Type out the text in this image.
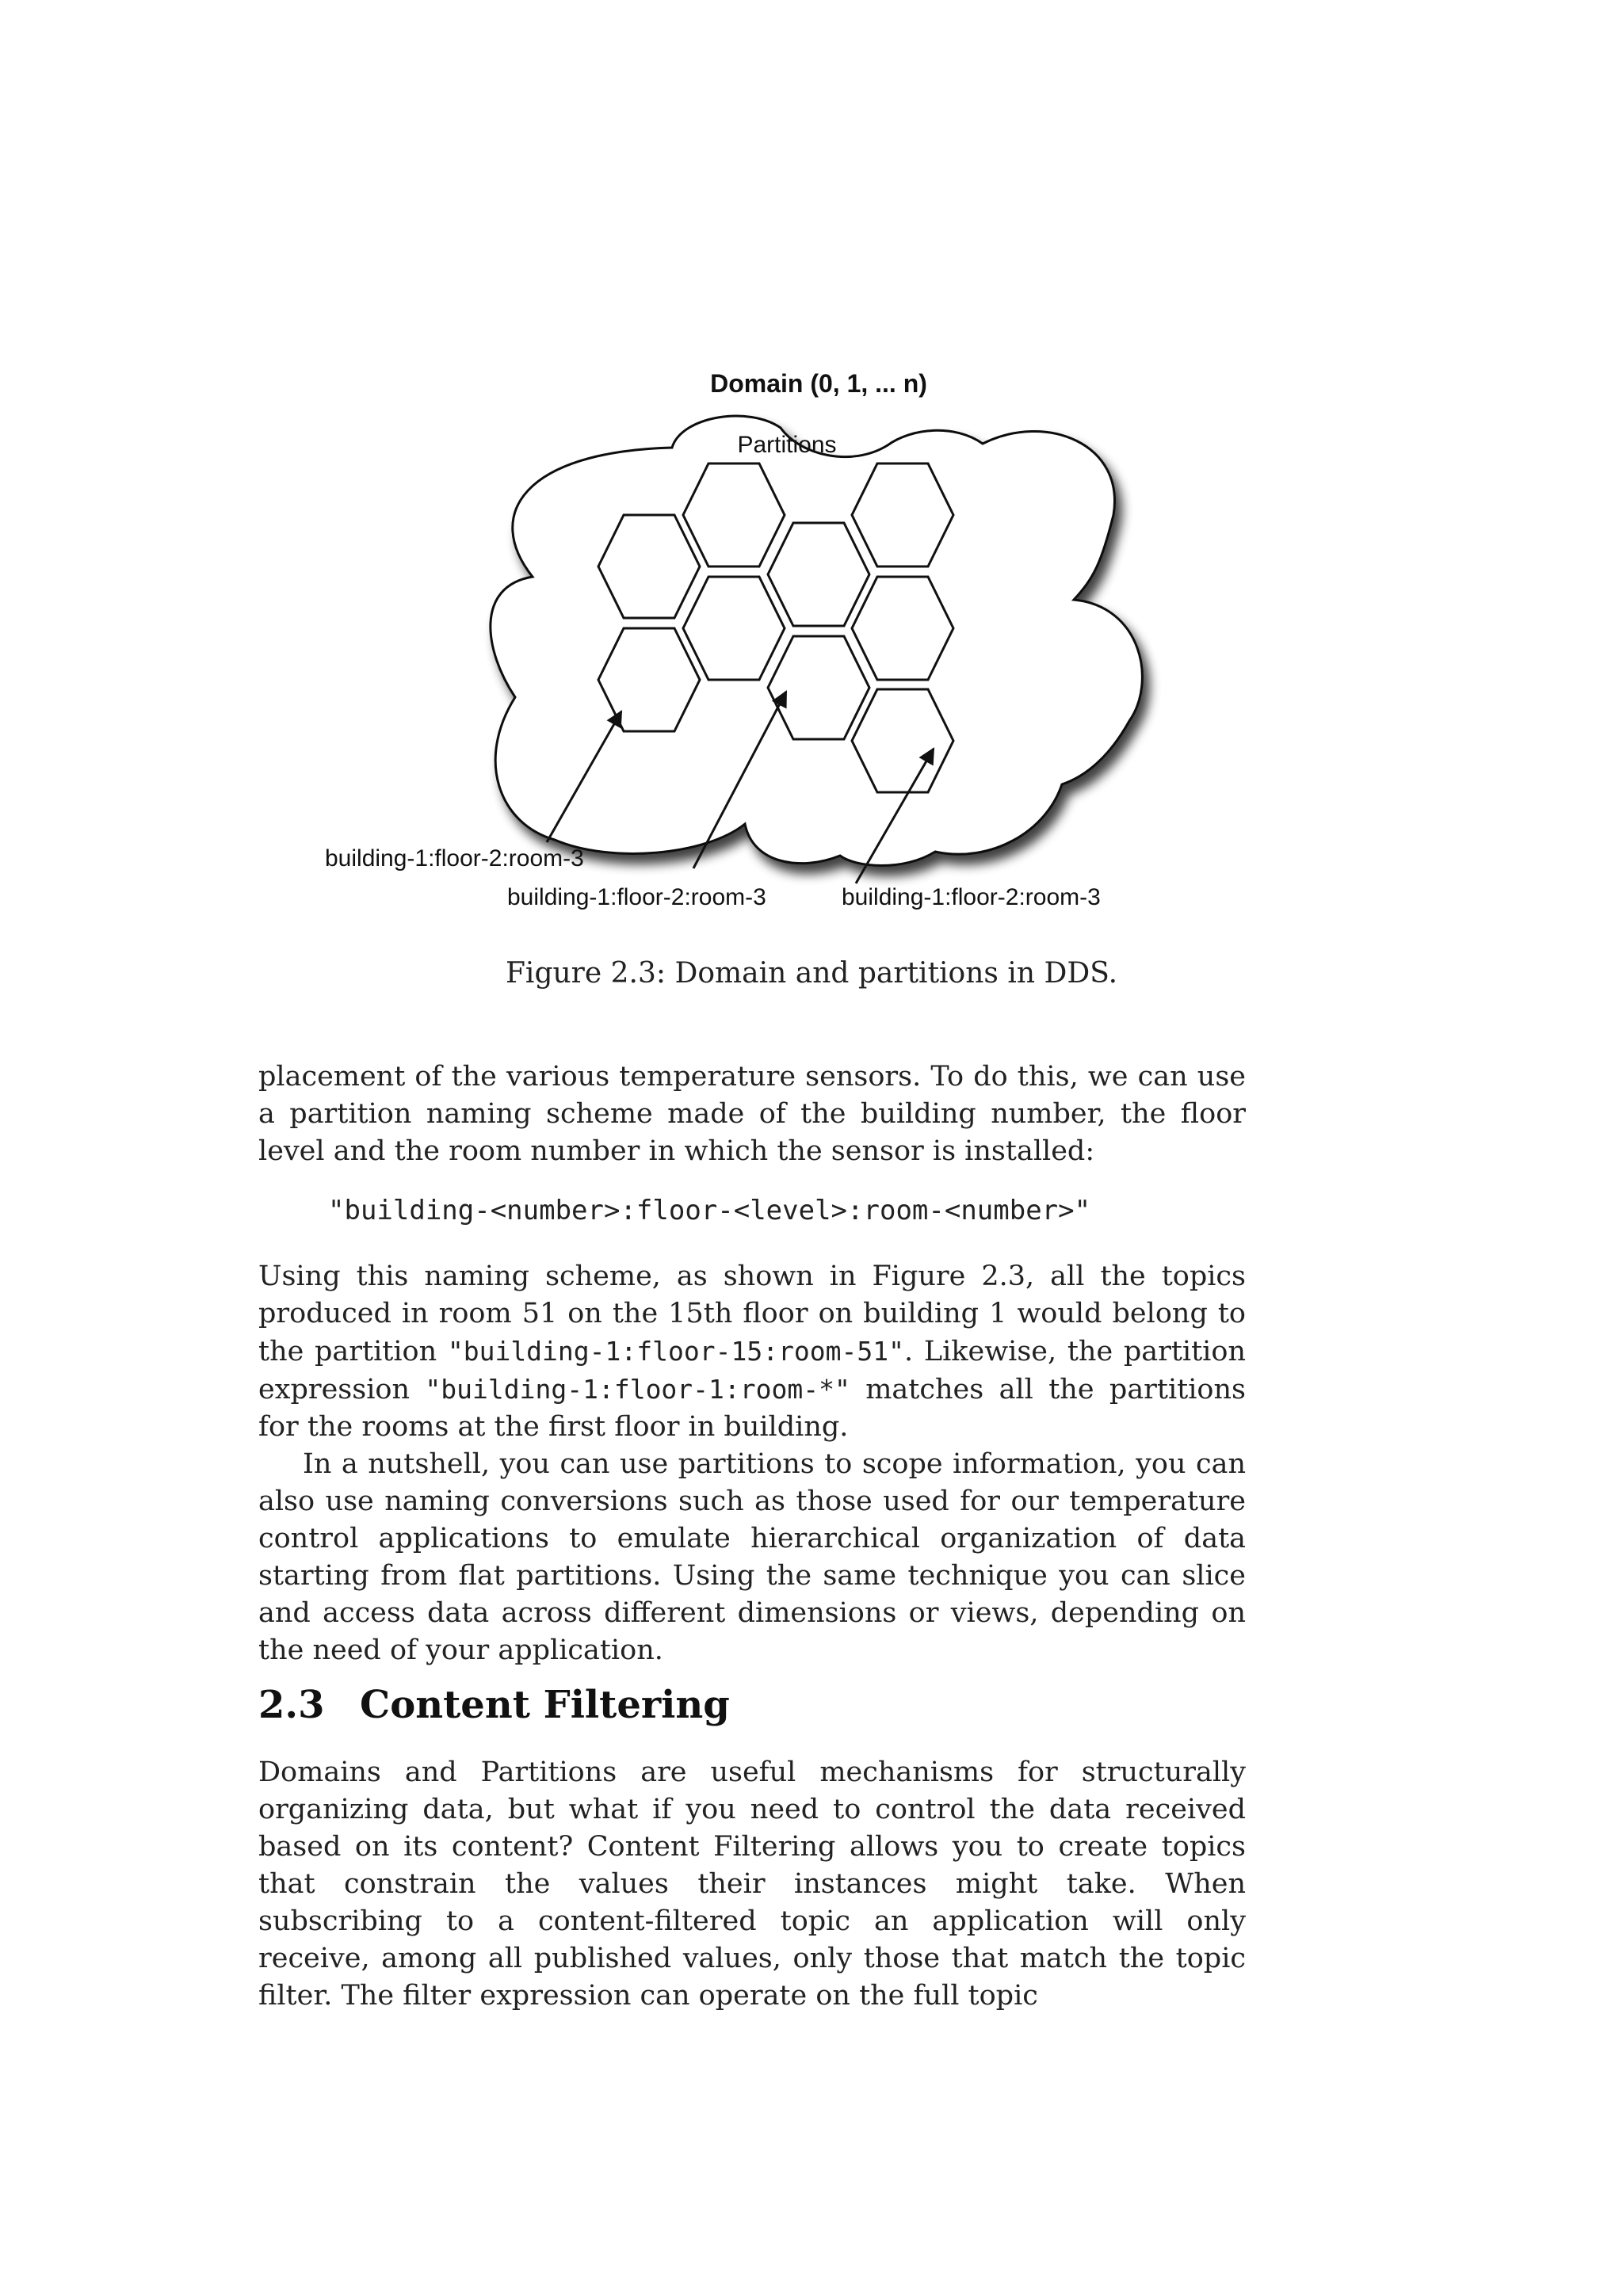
Domain (0, 1, ... n)
Partitions
building-1:floor-2:room-3
building-1:floor-2:room-3	building-1:floor-2:room-3
Figure 2.3: Domain and partitions in DDS.

placement of the various temperature sensors. To do this, we can use a partition naming scheme made of the building number, the floor level and the room number in which the sensor is installed:

"building-<number>:floor-<level>:room-<number>"

Using this naming scheme, as shown in Figure 2.3, all the topics produced in room 51 on the 15th floor on building 1 would belong to the partition "building-1:floor-15:room-51". Likewise, the partition expression "building-1:floor-1:room-*" matches all the partitions for the rooms at the first floor in building.

In a nutshell, you can use partitions to scope information, you can also use naming conversions such as those used for our temperature control applications to emulate hierarchical organization of data starting from flat partitions. Using the same technique you can slice and access data across different dimensions or views, depending on the need of your application.

2.3 Content Filtering

Domains and Partitions are useful mechanisms for structurally organizing data, but what if you need to control the data received based on its content? Content Filtering allows you to create topics that constrain the values their instances might take. When subscribing to a content-filtered topic an application will only receive, among all published values, only those that match the topic filter. The filter expression can operate on the full topic
